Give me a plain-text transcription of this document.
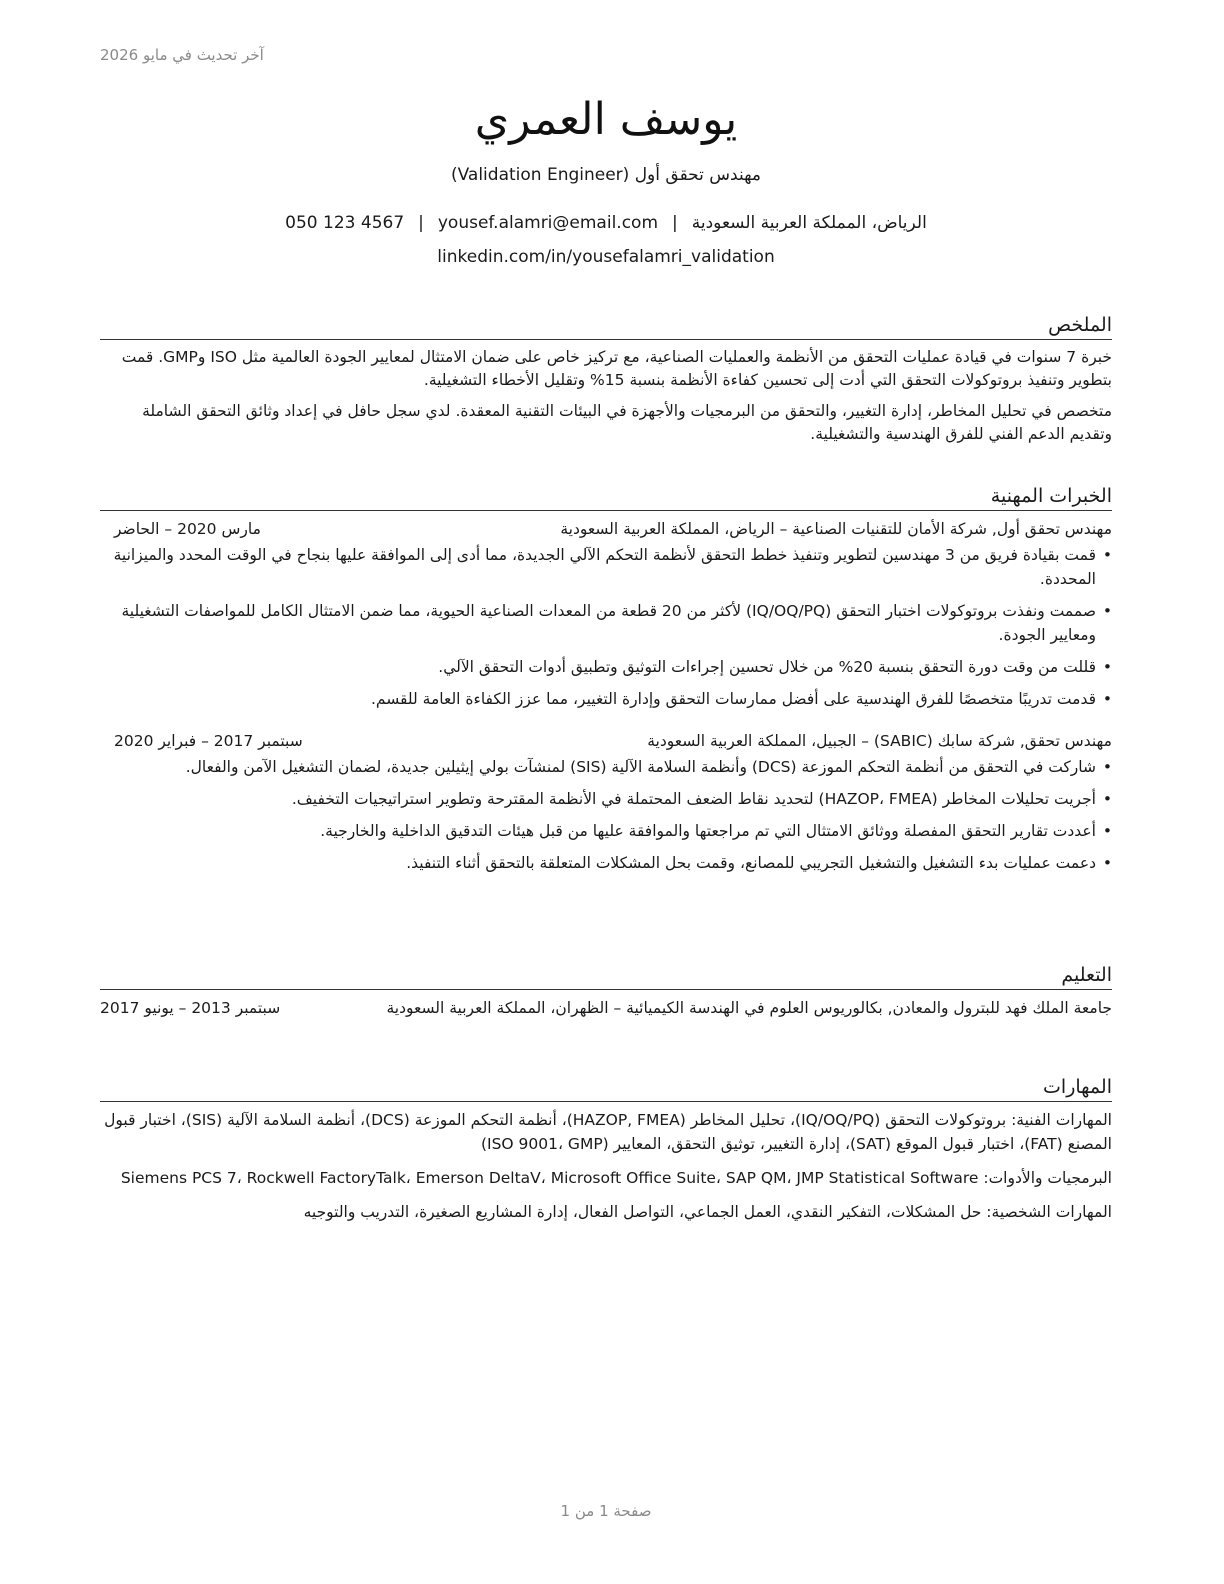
آخر تحديث في مايو 2026
يوسف العمري
مهندس تحقق أول (Validation Engineer)
الرياض، المملكة العربية السعودية|yousef.alamri@email.com|050 123 4567
linkedin.com/in/yousefalamri_validation
الملخص

خبرة 7 سنوات في قيادة عمليات التحقق من الأنظمة والعمليات الصناعية، مع تركيز خاص على ضمان الامتثال لمعايير الجودة العالمية مثل ISO وGMP. قمت بتطوير وتنفيذ بروتوكولات التحقق التي أدت إلى تحسين كفاءة الأنظمة بنسبة 15% وتقليل الأخطاء التشغيلية.

متخصص في تحليل المخاطر، إدارة التغيير، والتحقق من البرمجيات والأجهزة في البيئات التقنية المعقدة. لدي سجل حافل في إعداد وثائق التحقق الشاملة وتقديم الدعم الفني للفرق الهندسية والتشغيلية.

الخبرات المهنية
مهندس تحقق أول, شركة الأمان للتقنيات الصناعية – الرياض، المملكة العربية السعودية
مارس 2020 – الحاضر
• قمت بقيادة فريق من 3 مهندسين لتطوير وتنفيذ خطط التحقق لأنظمة التحكم الآلي الجديدة، مما أدى إلى الموافقة عليها بنجاح في الوقت المحدد والميزانية المحددة.
• صممت ونفذت بروتوكولات اختبار التحقق (IQ/OQ/PQ) لأكثر من 20 قطعة من المعدات الصناعية الحيوية، مما ضمن الامتثال الكامل للمواصفات التشغيلية ومعايير الجودة.
• قللت من وقت دورة التحقق بنسبة 20% من خلال تحسين إجراءات التوثيق وتطبيق أدوات التحقق الآلي.
• قدمت تدريبًا متخصصًا للفرق الهندسية على أفضل ممارسات التحقق وإدارة التغيير، مما عزز الكفاءة العامة للقسم.
مهندس تحقق, شركة سابك (SABIC) – الجبيل، المملكة العربية السعودية
سبتمبر 2017 – فبراير 2020
• شاركت في التحقق من أنظمة التحكم الموزعة (DCS) وأنظمة السلامة الآلية (SIS) لمنشآت بولي إيثيلين جديدة، لضمان التشغيل الآمن والفعال.
• أجريت تحليلات المخاطر (HAZOP، FMEA) لتحديد نقاط الضعف المحتملة في الأنظمة المقترحة وتطوير استراتيجيات التخفيف.
• أعددت تقارير التحقق المفصلة ووثائق الامتثال التي تم مراجعتها والموافقة عليها من قبل هيئات التدقيق الداخلية والخارجية.
• دعمت عمليات بدء التشغيل والتشغيل التجريبي للمصانع، وقمت بحل المشكلات المتعلقة بالتحقق أثناء التنفيذ.
التعليم
جامعة الملك فهد للبترول والمعادن, بكالوريوس العلوم في الهندسة الكيميائية – الظهران، المملكة العربية السعودية
سبتمبر 2013 – يونيو 2017
المهارات
المهارات الفنية: بروتوكولات التحقق (IQ/OQ/PQ)، تحليل المخاطر (HAZOP, FMEA)، أنظمة التحكم الموزعة (DCS)، أنظمة السلامة الآلية (SIS)، اختبار قبول المصنع (FAT)، اختبار قبول الموقع (SAT)، إدارة التغيير، توثيق التحقق، المعايير (ISO 9001، GMP)
البرمجيات والأدوات: Siemens PCS 7، Rockwell FactoryTalk، Emerson DeltaV، Microsoft Office Suite، SAP QM، JMP Statistical Software
المهارات الشخصية: حل المشكلات، التفكير النقدي، العمل الجماعي، التواصل الفعال، إدارة المشاريع الصغيرة، التدريب والتوجيه
صفحة 1 من 1
